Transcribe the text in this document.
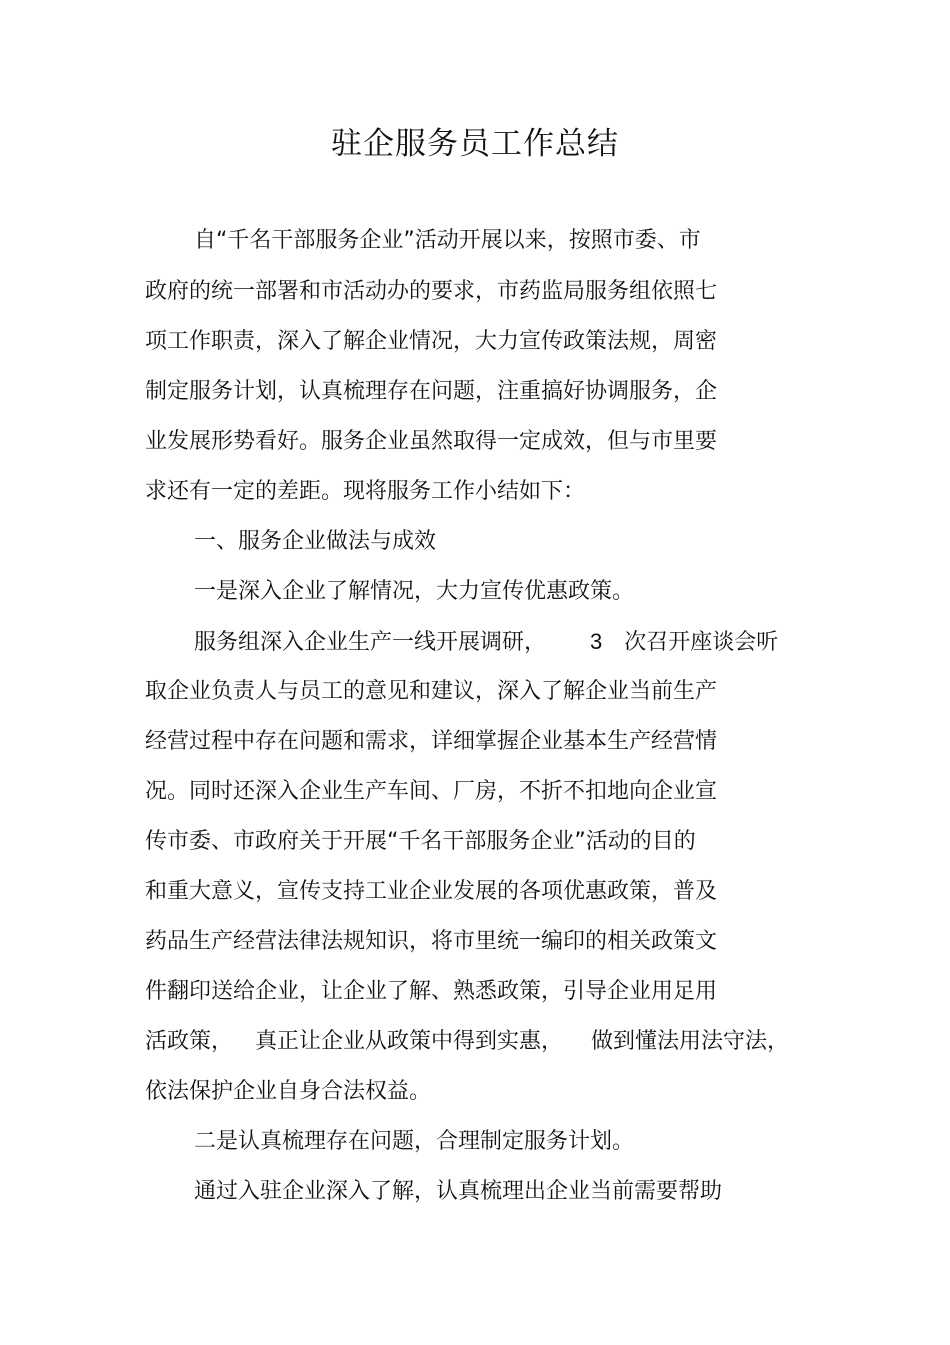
驻企服务员工作总结
自“千名干部服务企业”活动开展以来，按照市委、市
政府的统一部署和市活动办的要求，市药监局服务组依照七
项工作职责，深入了解企业情况，大力宣传政策法规，周密
制定服务计划，认真梳理存在问题，注重搞好协调服务，企
业发展形势看好。服务企业虽然取得一定成效，但与市里要
求还有一定的差距。现将服务工作小结如下：
一、服务企业做法与成效
一是深入企业了解情况，大力宣传优惠政策。
服务组深入企业生产一线开展调研， 3 次召开座谈会听
取企业负责人与员工的意见和建议，深入了解企业当前生产
经营过程中存在问题和需求，详细掌握企业基本生产经营情
况。同时还深入企业生产车间、厂房，不折不扣地向企业宣
传市委、市政府关于开展“千名干部服务企业”活动的目的
和重大意义，宣传支持工业企业发展的各项优惠政策，普及
药品生产经营法律法规知识，将市里统一编印的相关政策文
件翻印送给企业，让企业了解、熟悉政策，引导企业用足用
活政策， 真正让企业从政策中得到实惠， 做到懂法用法守法，
依法保护企业自身合法权益。
二是认真梳理存在问题，合理制定服务计划。
通过入驻企业深入了解，认真梳理出企业当前需要帮助
